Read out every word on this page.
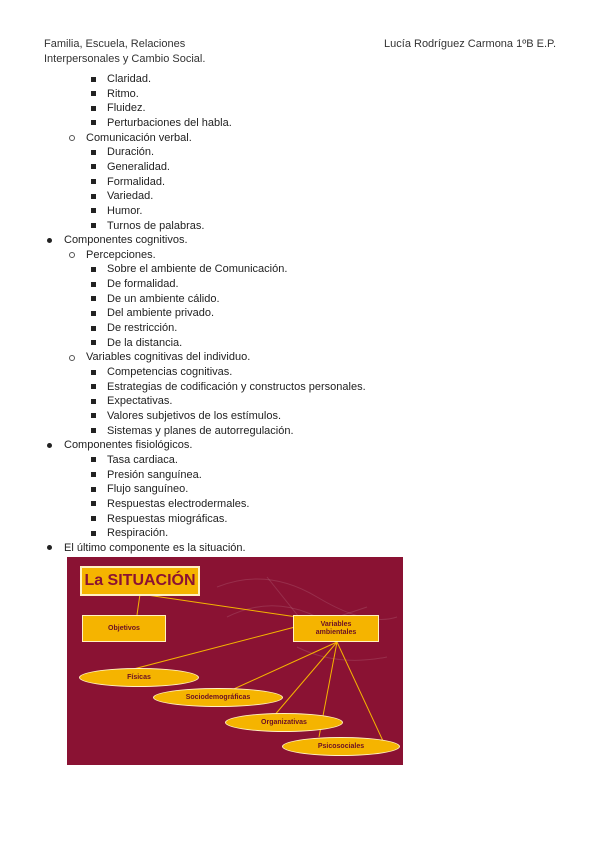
Familia, Escuela, Relaciones
Interpersonales y Cambio Social.
Lucía Rodríguez Carmona 1ºB E.P.
Claridad.
Ritmo.
Fluidez.
Perturbaciones del habla.
Comunicación verbal.
Duración.
Generalidad.
Formalidad.
Variedad.
Humor.
Turnos de palabras.
Componentes cognitivos.
Percepciones.
Sobre el ambiente de Comunicación.
De formalidad.
De un ambiente cálido.
Del ambiente privado.
De restricción.
De la distancia.
Variables cognitivas del individuo.
Competencias cognitivas.
Estrategias de codificación y constructos personales.
Expectativas.
Valores subjetivos de los estímulos.
Sistemas y planes de autorregulación.
Componentes fisiológicos.
Tasa cardiaca.
Presión sanguínea.
Flujo sanguíneo.
Respuestas electrodermales.
Respuestas miográficas.
Respiración.
El último componente es la situación.
La SITUACIÓN
Objetivos
Variables
ambientales
Físicas
Sociodemográficas
Organizativas
Psicosociales
